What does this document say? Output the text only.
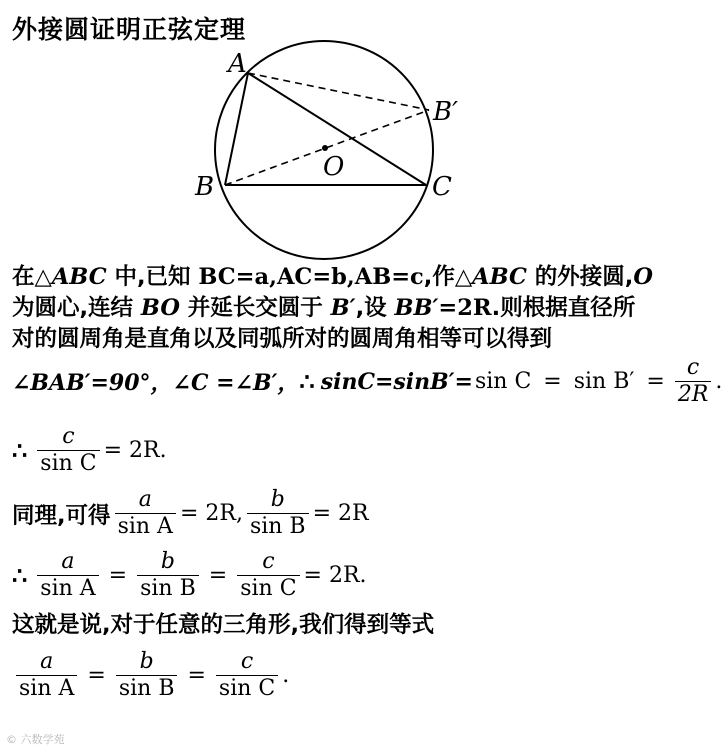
外接圆证明正弦定理
A
B	C
B′
O
在△ABC 中,已知 BC=a,AC=b,AB=c,作△ABC 的外接圆,O
为圆心,连结 BO 并延长交圆于 B′,设 BB′=2R.则根据直径所
对的圆周角是直角以及同弧所对的圆周角相等可以得到
∠BAB′=90°， ∠C =∠B′， ∴ $\sin C=\sin B'= \sin C = \sin B' = \frac{c}{2R}$ .
∴ $\frac{c}{\text{sin C}} = 2R$ .
同理,可得 $\frac{a}{\text{sin A}} = 2R$, $\frac{b}{\text{sin B}} = 2R$
∴ $\frac{a}{\text{sin A}} = \frac{b}{\text{sin B}} = \frac{c}{\text{sin C}} = 2R$ .
这就是说,对于任意的三角形,我们得到等式
$\frac{a}{\text{sin A}} = \frac{b}{\text{sin B}} = \frac{c}{\text{sin C}}$ .
© 六数学苑
